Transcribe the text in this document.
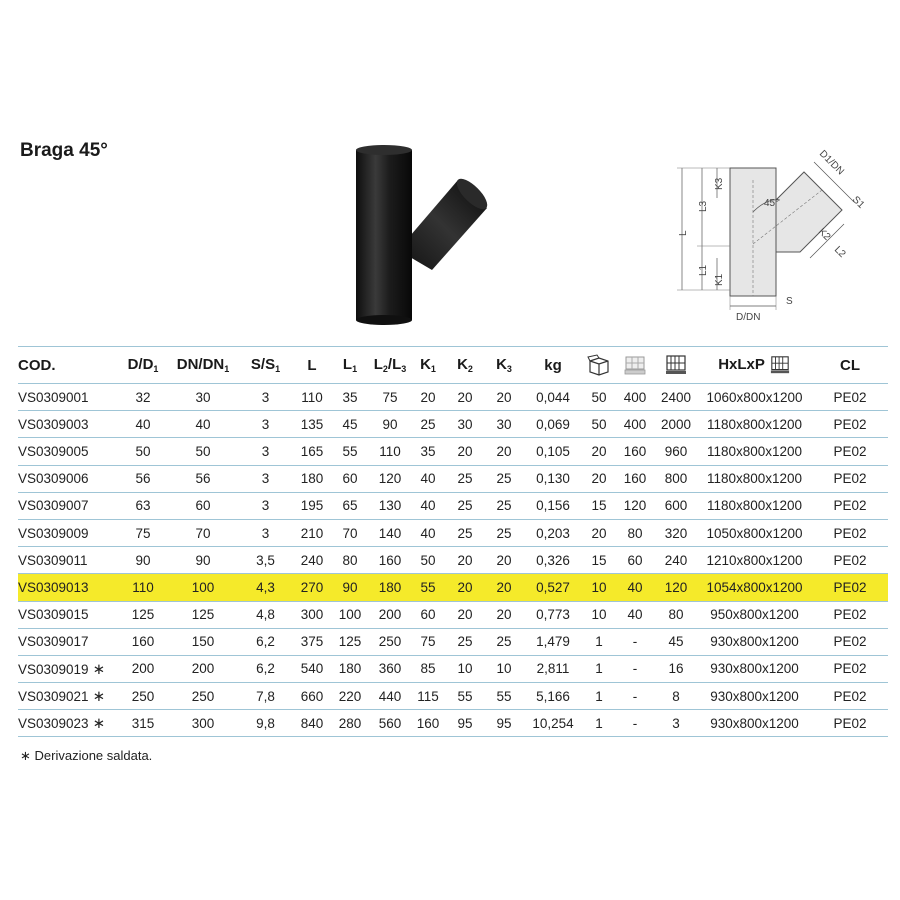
Braga 45°	D1/DN
S1
45°
K3
L3
L	K2
L2
L1
K1
S
D/DN
COD.	$D/D_1$	$DN/DN_1$	$S/S_1$	L	$L_1$	$L_2/L_3$	$K_1$	$K_2$	$K_3$	kg				HxLxP	CL
VS0309001	32	30	3	110	35	75	20	20	20	0,044	50	400	2400	1060x800x1200	PE02
VS0309003	40	40	3	135	45	90	25	30	30	0,069	50	400	2000	1180x800x1200	PE02
VS0309005	50	50	3	165	55	110	35	20	20	0,105	20	160	960	1180x800x1200	PE02
VS0309006	56	56	3	180	60	120	40	25	25	0,130	20	160	800	1180x800x1200	PE02
VS0309007	63	60	3	195	65	130	40	25	25	0,156	15	120	600	1180x800x1200	PE02
VS0309009	75	70	3	210	70	140	40	25	25	0,203	20	80	320	1050x800x1200	PE02
VS0309011	90	90	3,5	240	80	160	50	20	20	0,326	15	60	240	1210x800x1200	PE02
VS0309013	110	100	4,3	270	90	180	55	20	20	0,527	10	40	120	1054x800x1200	PE02
VS0309015	125	125	4,8	300	100	200	60	20	20	0,773	10	40	80	950x800x1200	PE02
VS0309017	160	150	6,2	375	125	250	75	25	25	1,479	1	-	45	930x800x1200	PE02
VS0309019 ∗	200	200	6,2	540	180	360	85	10	10	2,811	1	-	16	930x800x1200	PE02
VS0309021 ∗	250	250	7,8	660	220	440	115	55	55	5,166	1	-	8	930x800x1200	PE02
VS0309023 ∗	315	300	9,8	840	280	560	160	95	95	10,254	1	-	3	930x800x1200	PE02
∗ Derivazione saldata.
